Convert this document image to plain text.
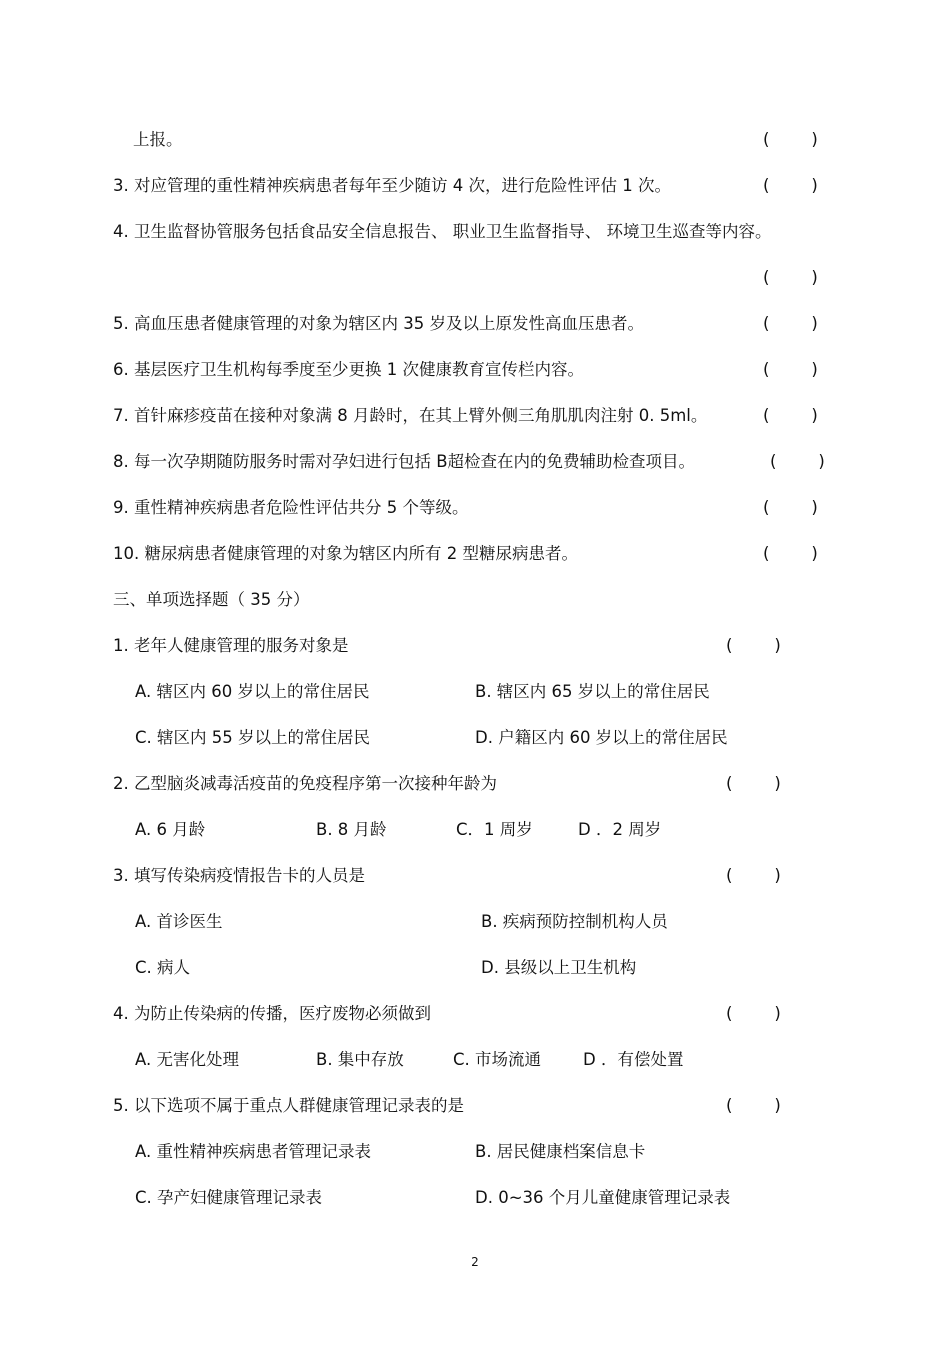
上报。	(        )
3. 对应管理的重性精神疾病患者每年至少随访 4 次，进行危险性评估 1 次。	(        )
4. 卫生监督协管服务包括食品安全信息报告、 职业卫生监督指导、 环境卫生巡查等内容。
(        )
5. 高血压患者健康管理的对象为辖区内 35 岁及以上原发性高血压患者。	(        )
6. 基层医疗卫生机构每季度至少更换 1 次健康教育宣传栏内容。	(        )
7. 首针麻疹疫苗在接种对象满 8 月龄时，在其上臂外侧三角肌肌肉注射 0. 5ml。	(        )
8. 每一次孕期随防服务时需对孕妇进行包括 B超检查在内的免费辅助检查项目。	(        )
9. 重性精神疾病患者危险性评估共分 5 个等级。	(        )
10. 糖尿病患者健康管理的对象为辖区内所有 2 型糖尿病患者。	(        )
三、单项选择题（ 35 分）
1. 老年人健康管理的服务对象是	(        )
A. 辖区内 60 岁以上的常住居民	B. 辖区内 65 岁以上的常住居民
C. 辖区内 55 岁以上的常住居民	D. 户籍区内 60 岁以上的常住居民
2. 乙型脑炎减毒活疫苗的免疫程序第一次接种年龄为	(        )
A. 6 月龄	B. 8 月龄	C．1 周岁	D ．2 周岁
3. 填写传染病疫情报告卡的人员是	(        )
A. 首诊医生	B. 疾病预防控制机构人员
C. 病人	D. 县级以上卫生机构
4. 为防止传染病的传播，医疗废物必须做到	(        )
A. 无害化处理	B. 集中存放	C. 市场流通	D ．有偿处置
5. 以下选项不属于重点人群健康管理记录表的是	(        )
A. 重性精神疾病患者管理记录表	B. 居民健康档案信息卡
C. 孕产妇健康管理记录表	D. 0~36 个月儿童健康管理记录表
2
